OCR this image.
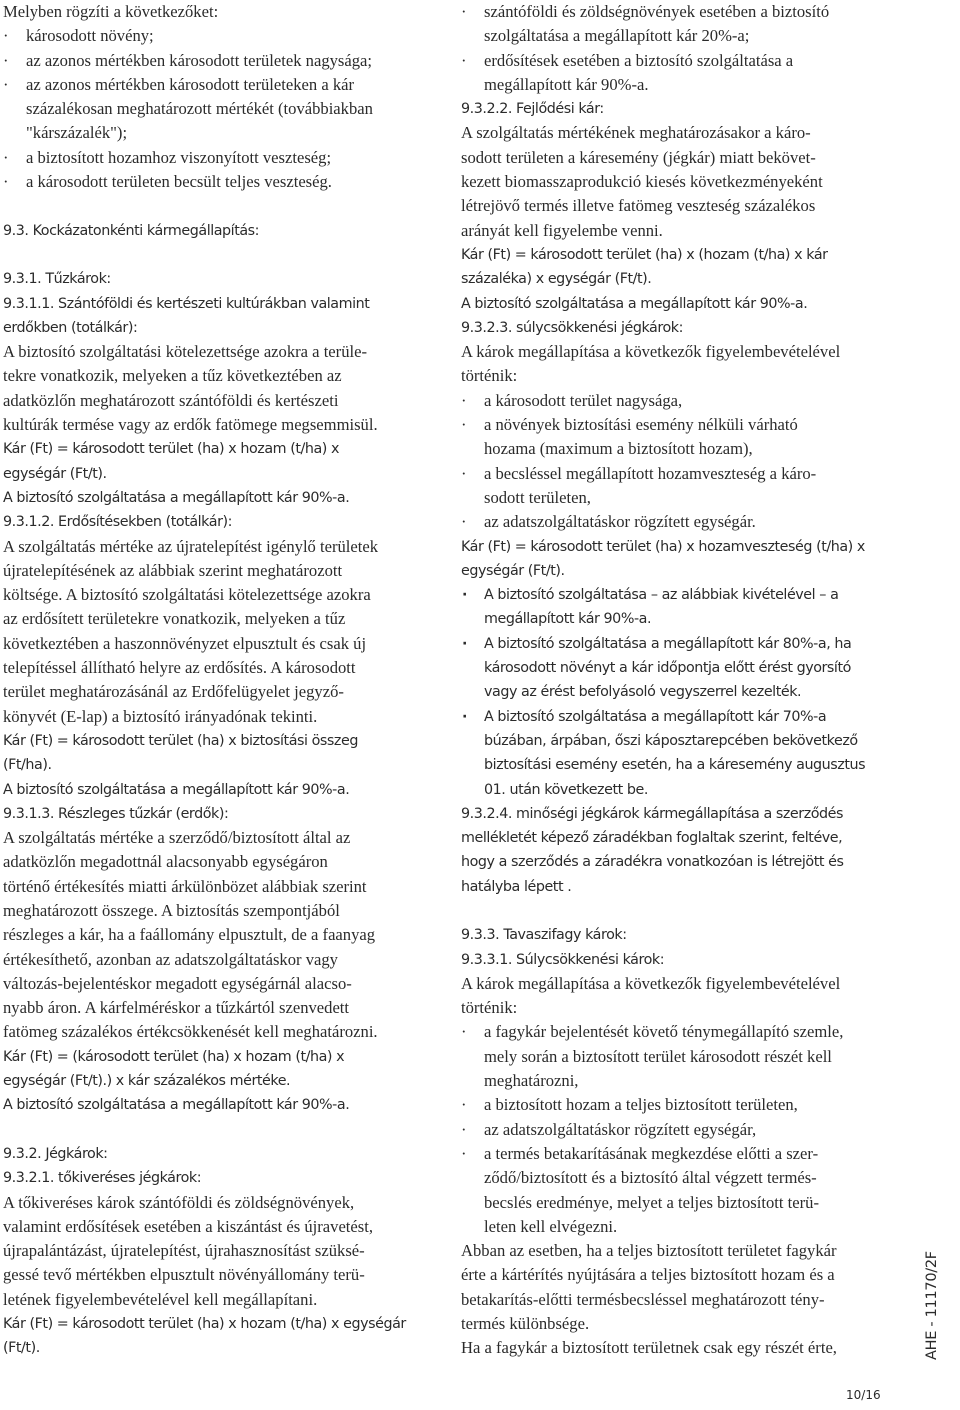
Melyben rögzíti a következőket:
· károsodott növény;
· az azonos mértékben károsodott területek nagysága;
· az azonos mértékben károsodott területeken a kár
százalékosan meghatározott mértékét (továbbiakban
"kárszázalék");
· a biztosított hozamhoz viszonyított veszteség;
· a károsodott területen becsült teljes veszteség.
9.3. Kockázatonkénti kármegállapítás:
9.3.1. Tűzkárok:
9.3.1.1. Szántóföldi és kertészeti kultúrákban valamint
erdőkben (totálkár):
A biztosító szolgáltatási kötelezettsége azokra a terüle-
tekre vonatkozik, melyeken a tűz következtében az
adatközlőn meghatározott szántóföldi és kertészeti
kultúrák termése vagy az erdők fatömege megsemmisül.
Kár (Ft) = károsodott terület (ha) x hozam (t/ha) x
egységár (Ft/t).
A biztosító szolgáltatása a megállapított kár 90%-a.
9.3.1.2. Erdősítésekben (totálkár):
A szolgáltatás mértéke az újratelepítést igénylő területek
újratelepítésének az alábbiak szerint meghatározott
költsége. A biztosító szolgáltatási kötelezettsége azokra
az erdősített területekre vonatkozik, melyeken a tűz
következtében a haszonnövényzet elpusztult és csak új
telepítéssel állítható helyre az erdősítés. A károsodott
terület meghatározásánál az Erdőfelügyelet jegyző-
könyvét (E-lap) a biztosító irányadónak tekinti.
Kár (Ft) = károsodott terület (ha) x biztosítási összeg
(Ft/ha).
A biztosító szolgáltatása a megállapított kár 90%-a.
9.3.1.3. Részleges tűzkár (erdők):
A szolgáltatás mértéke a szerződő/biztosított által az
adatközlőn megadottnál alacsonyabb egységáron
történő értékesítés miatti árkülönbözet alábbiak szerint
meghatározott összege. A biztosítás szempontjából
részleges a kár, ha a faállomány elpusztult, de a faanyag
értékesíthető, azonban az adatszolgáltatáskor vagy
változás-bejelentéskor megadott egységárnál alacso-
nyabb áron. A kárfelméréskor a tűzkártól szenvedett
fatömeg százalékos értékcsökkenését kell meghatározni.
Kár (Ft) = (károsodott terület (ha) x hozam (t/ha) x
egységár (Ft/t).) x kár százalékos mértéke.
A biztosító szolgáltatása a megállapított kár 90%-a.
9.3.2. Jégkárok:
9.3.2.1. tőkiveréses jégkárok:
A tőkiveréses károk szántóföldi és zöldségnövények,
valamint erdősítések esetében a kiszántást és újravetést,
újrapalántázást, újratelepítést, újrahasznosítást szüksé-
gessé tevő mértékben elpusztult növényállomány terü-
letének figyelembevételével kell megállapítani.
Kár (Ft) = károsodott terület (ha) x hozam (t/ha) x egységár
(Ft/t).
· szántóföldi és zöldségnövények esetében a biztosító
szolgáltatása a megállapított kár 20%-a;
· erdősítések esetében a biztosító szolgáltatása a
megállapított kár 90%-a.
9.3.2.2. Fejlődési kár:
A szolgáltatás mértékének meghatározásakor a káro-
sodott területen a káresemény (jégkár) miatt bekövet-
kezett biomasszaprodukció kiesés következményeként
létrejövő termés illetve fatömeg veszteség százalékos
arányát kell figyelembe venni.
Kár (Ft) = károsodott terület (ha) x (hozam (t/ha) x kár
százaléka) x egységár (Ft/t).
A biztosító szolgáltatása a megállapított kár 90%-a.
9.3.2.3. súlycsökkenési jégkárok:
A károk megállapítása a következők figyelembevételével
történik:
· a károsodott terület nagysága,
· a növények biztosítási esemény nélküli várható
hozama (maximum a biztosított hozam),
· a becsléssel megállapított hozamveszteség a káro-
sodott területen,
· az adatszolgáltatáskor rögzített egységár.
Kár (Ft) = károsodott terület (ha) x hozamveszteség (t/ha) x
egységár (Ft/t).
· A biztosító szolgáltatása – az alábbiak kivételével – a
megállapított kár 90%-a.
· A biztosító szolgáltatása a megállapított kár 80%-a, ha
károsodott növényt a kár időpontja előtt érést gyorsító
vagy az érést befolyásoló vegyszerrel kezelték.
· A biztosító szolgáltatása a megállapított kár 70%-a
búzában, árpában, őszi káposztarepcében bekövetkező
biztosítási esemény esetén, ha a káresemény augusztus
01. után következett be.
9.3.2.4. minőségi jégkárok kármegállapítása a szerződés
mellékletét képező záradékban foglaltak szerint, feltéve,
hogy a szerződés a záradékra vonatkozóan is létrejött és
hatályba lépett .
9.3.3. Tavaszifagy károk:
9.3.3.1. Súlycsökkenési károk:
A károk megállapítása a következők figyelembevételével
történik:
· a fagykár bejelentését követő ténymegállapító szemle,
mely során a biztosított terület károsodott részét kell
meghatározni,
· a biztosított hozam a teljes biztosított területen,
· az adatszolgáltatáskor rögzített egységár,
· a termés betakarításának megkezdése előtti a szer-
ződő/biztosított és a biztosító által végzett termés-
becslés eredménye, melyet a teljes biztosított terü-
leten kell elvégezni.
Abban az esetben, ha a teljes biztosított területet fagykár
érte a kártérítés nyújtására a teljes biztosított hozam és a
betakarítás-előtti termésbecsléssel meghatározott tény-
termés különbsége.
Ha a fagykár a biztosított területnek csak egy részét érte,	AHE - 11170/2F
10/16
